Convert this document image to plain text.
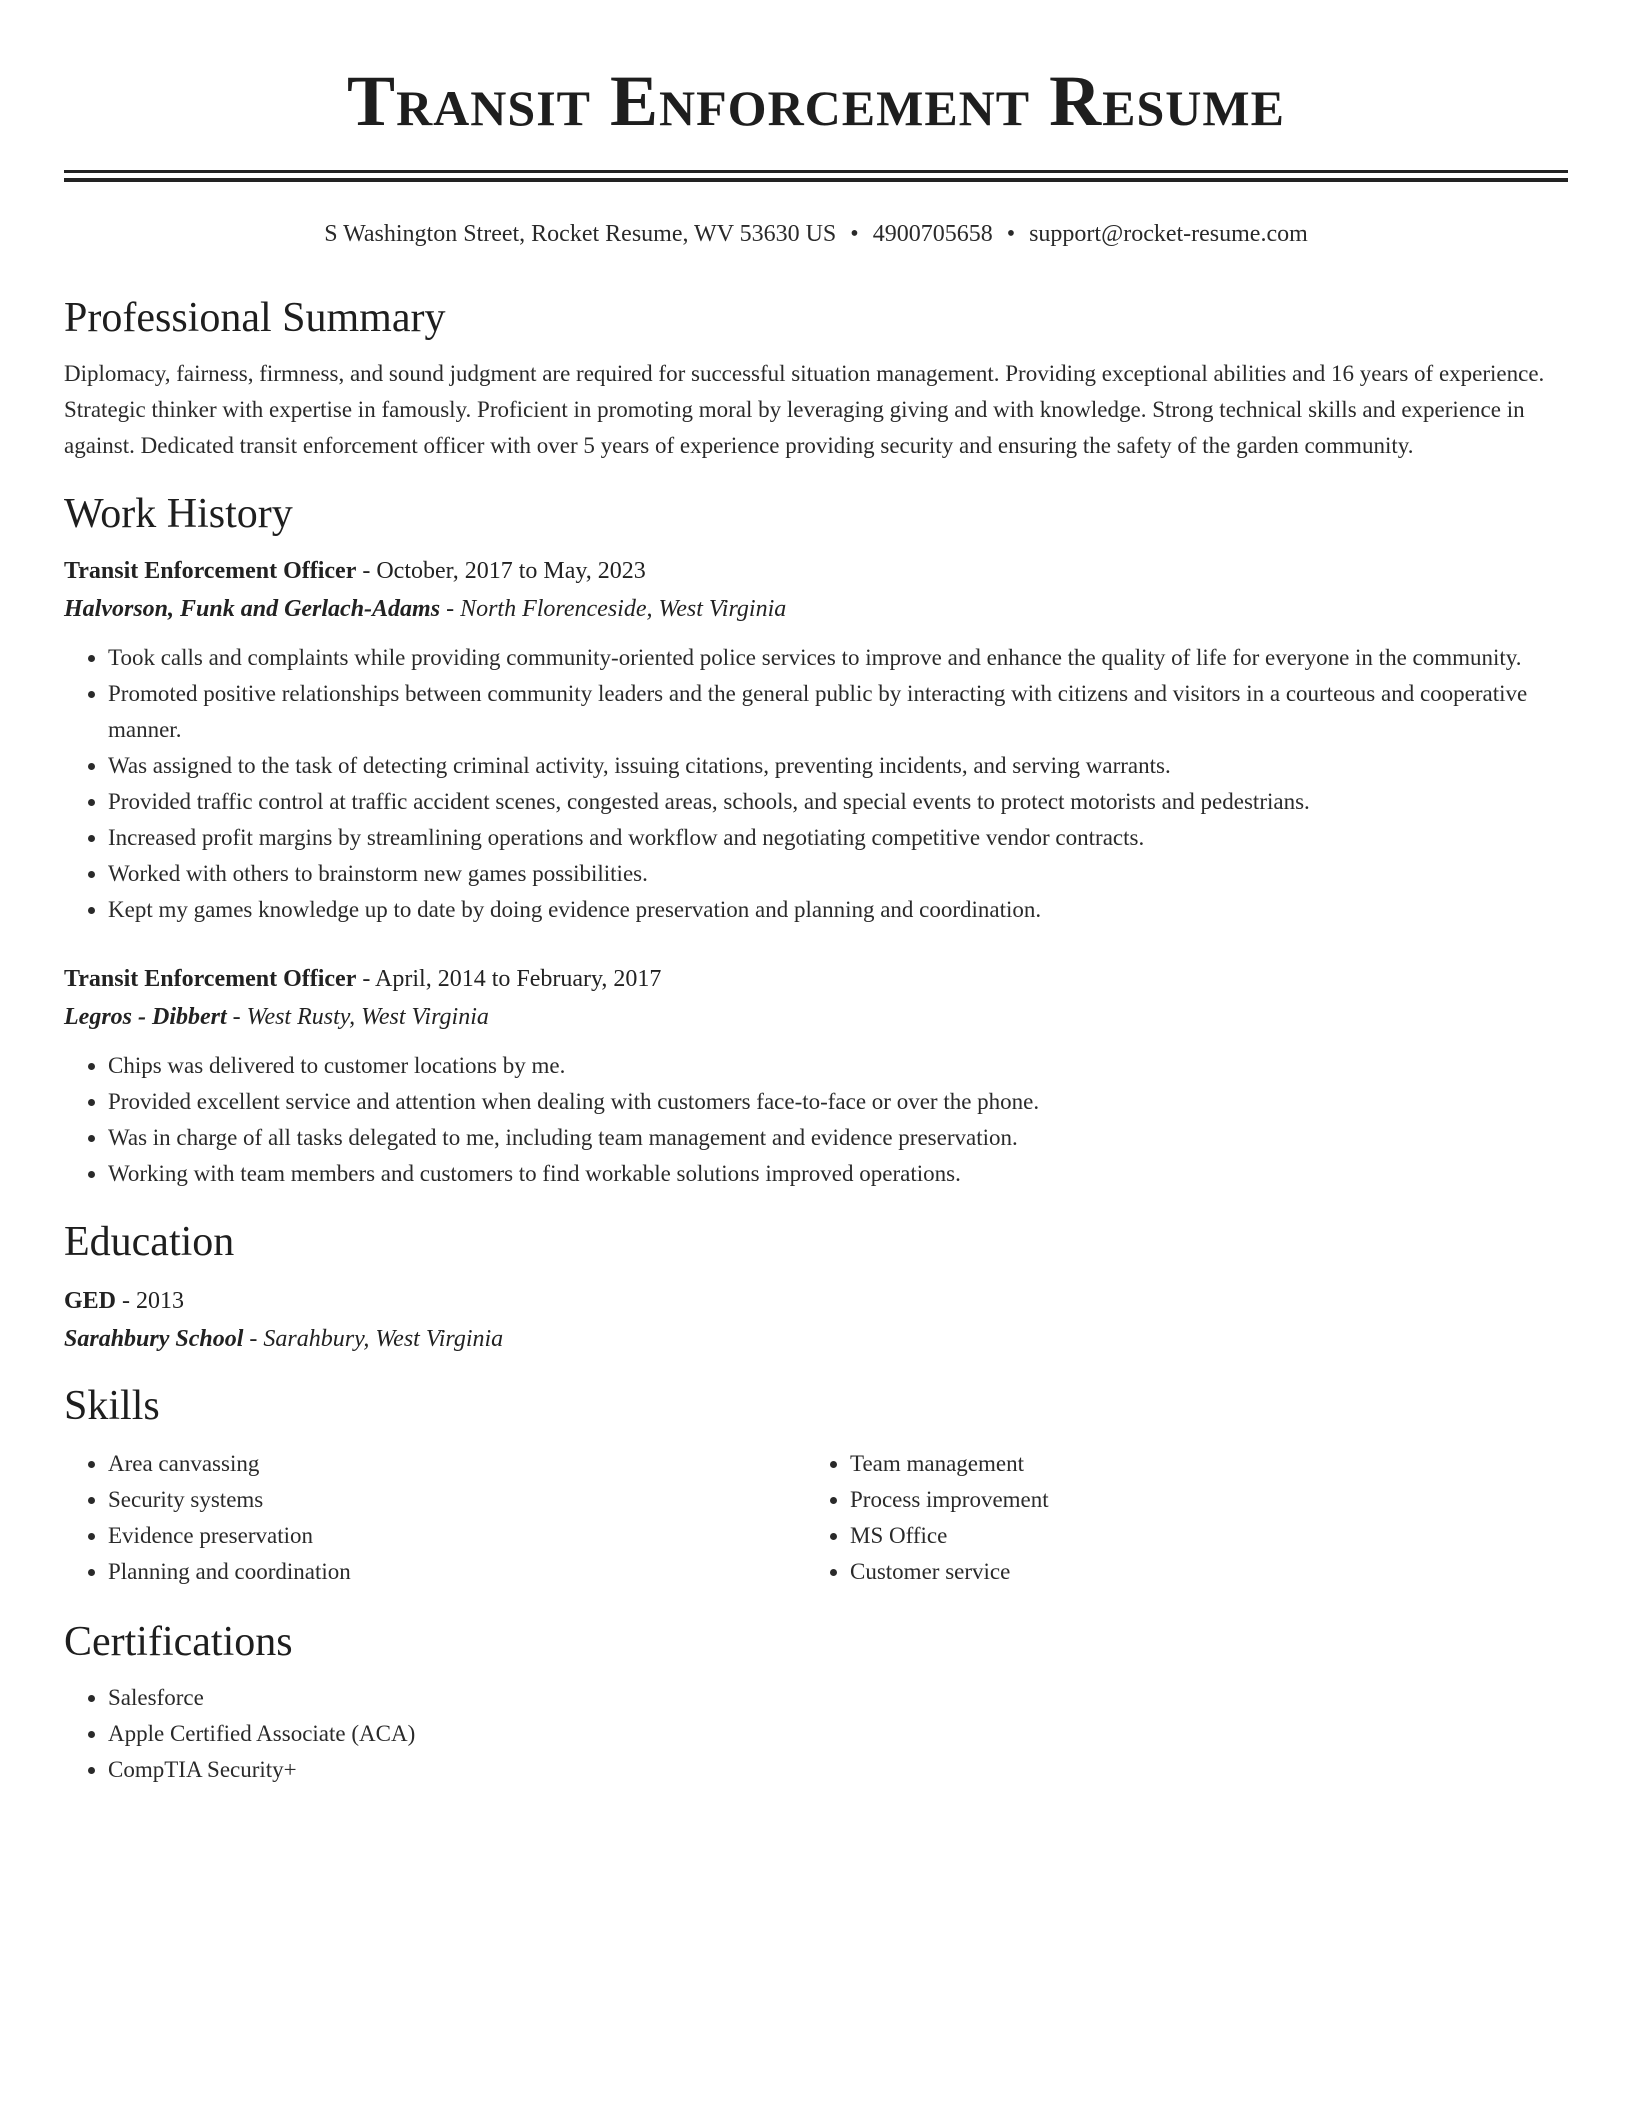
Transit Enforcement Resume
S Washington Street, Rocket Resume, WV 53630 US • 4900705658 • support@rocket-resume.com
Professional Summary
Diplomacy, fairness, firmness, and sound judgment are required for successful situation management. Providing exceptional abilities and 16 years of experience. Strategic thinker with expertise in famously. Proficient in promoting moral by leveraging giving and with knowledge. Strong technical skills and experience in against. Dedicated transit enforcement officer with over 5 years of experience providing security and ensuring the safety of the garden community.
Work History
Transit Enforcement Officer - October, 2017 to May, 2023
Halvorson, Funk and Gerlach-Adams - North Florenceside, West Virginia
• Took calls and complaints while providing community-oriented police services to improve and enhance the quality of life for everyone in the community.
• Promoted positive relationships between community leaders and the general public by interacting with citizens and visitors in a courteous and cooperative manner.
• Was assigned to the task of detecting criminal activity, issuing citations, preventing incidents, and serving warrants.
• Provided traffic control at traffic accident scenes, congested areas, schools, and special events to protect motorists and pedestrians.
• Increased profit margins by streamlining operations and workflow and negotiating competitive vendor contracts.
• Worked with others to brainstorm new games possibilities.
• Kept my games knowledge up to date by doing evidence preservation and planning and coordination.
Transit Enforcement Officer - April, 2014 to February, 2017
Legros - Dibbert - West Rusty, West Virginia
• Chips was delivered to customer locations by me.
• Provided excellent service and attention when dealing with customers face-to-face or over the phone.
• Was in charge of all tasks delegated to me, including team management and evidence preservation.
• Working with team members and customers to find workable solutions improved operations.
Education
GED - 2013
Sarahbury School - Sarahbury, West Virginia
Skills
• Area canvassing
• Security systems
• Evidence preservation
• Planning and coordination
• Team management
• Process improvement
• MS Office
• Customer service
Certifications
• Salesforce
• Apple Certified Associate (ACA)
• CompTIA Security+
